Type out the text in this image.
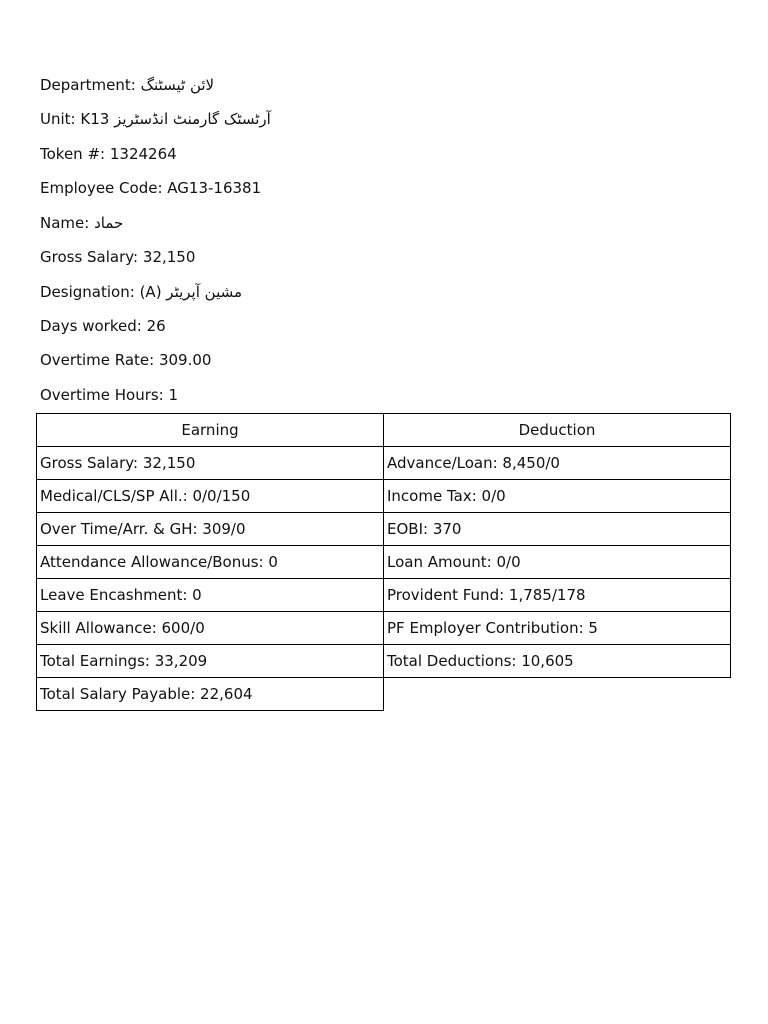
Department: لائن ٹیسٹنگ
Unit: آرٹسٹک گارمنٹ انڈسٹریز K13
Token #: 1324264
Employee Code: AG13-16381
Name: حماد
Gross Salary: 32,150
Designation: مشین آپریٹر (A)
Days worked: 26
Overtime Rate: 309.00
Overtime Hours: 1
Earning	Deduction
Gross Salary: 32,150	Advance/Loan: 8,450/0
Medical/CLS/SP All.: 0/0/150	Income Tax: 0/0
Over Time/Arr. & GH: 309/0	EOBI: 370
Attendance Allowance/Bonus: 0	Loan Amount: 0/0
Leave Encashment: 0	Provident Fund: 1,785/178
Skill Allowance: 600/0	PF Employer Contribution: 5
Total Earnings: 33,209	Total Deductions: 10,605
Total Salary Payable: 22,604	
